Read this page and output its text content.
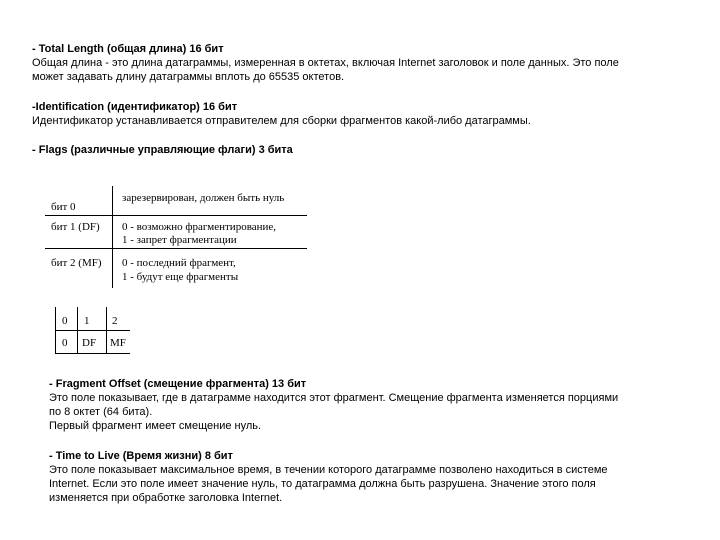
- Total Length (общая длина) 16 бит

Общая длина - это длина датаграммы, измеренная в октетах, включая Internet заголовок и поле данных. Это поле

может задавать длину датаграммы вплоть до 65535 октетов.

-Identification (идентификатор) 16 бит

Идентификатор устанавливается отправителем для сборки фрагментов какой-либо датаграммы.

- Flags (различные управляющие флаги) 3 бита

бит 0
зарезервирован, должен быть нуль
бит 1 (DF) 0 - возможно фрагментирование,
1 - запрет фрагментации
бит 2 (MF) 0 - последний фрагмент,
1 - будут еще фрагменты
0 1 2
0 DF MF

- Fragment Offset (смещение фрагмента) 13 бит

Это поле показывает, где в датаграмме находится этот фрагмент. Смещение фрагмента изменяется порциями

по 8 октет (64 бита).

Первый фрагмент имеет смещение нуль.

- Time to Live (Время жизни) 8 бит

Это поле показывает максимальное время, в течении которого датаграмме позволено находиться в системе

Internet. Если это поле имеет значение нуль, то датаграмма должна быть разрушена. Значение этого поля

изменяется при обработке заголовка Internet.
